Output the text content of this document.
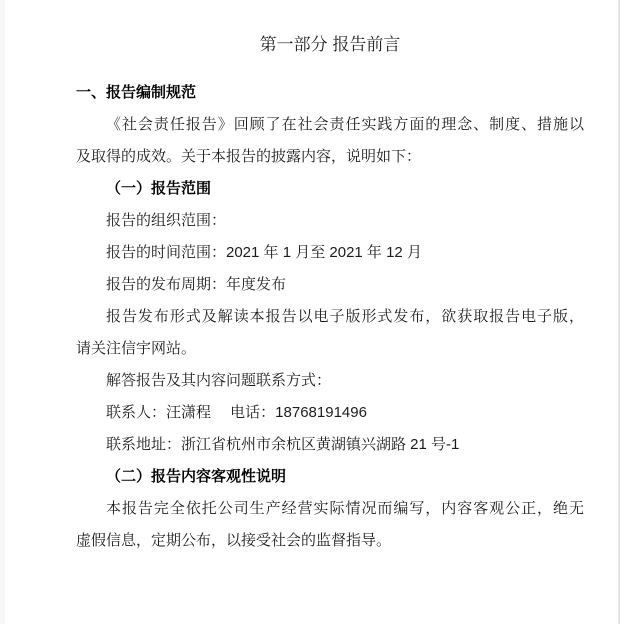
第一部分 报告前言
一、报告编制规范
《社会责任报告》回顾了在社会责任实践方面的理念、制度、措施以
及取得的成效。关于本报告的披露内容，说明如下：
（一）报告范围
报告的组织范围：
报告的时间范围：2021 年 1 月至 2021 年 12 月
报告的发布周期：年度发布
报告发布形式及解读本报告以电子版形式发布，欲获取报告电子版，
请关注信宇网站。
解答报告及其内容问题联系方式：
联系人：汪潇程　 电话：18768191496
联系地址：浙江省杭州市余杭区黄湖镇兴湖路 21 号-1
（二）报告内容客观性说明
本报告完全依托公司生产经营实际情况而编写，内容客观公正，绝无
虚假信息，定期公布，以接受社会的监督指导。
